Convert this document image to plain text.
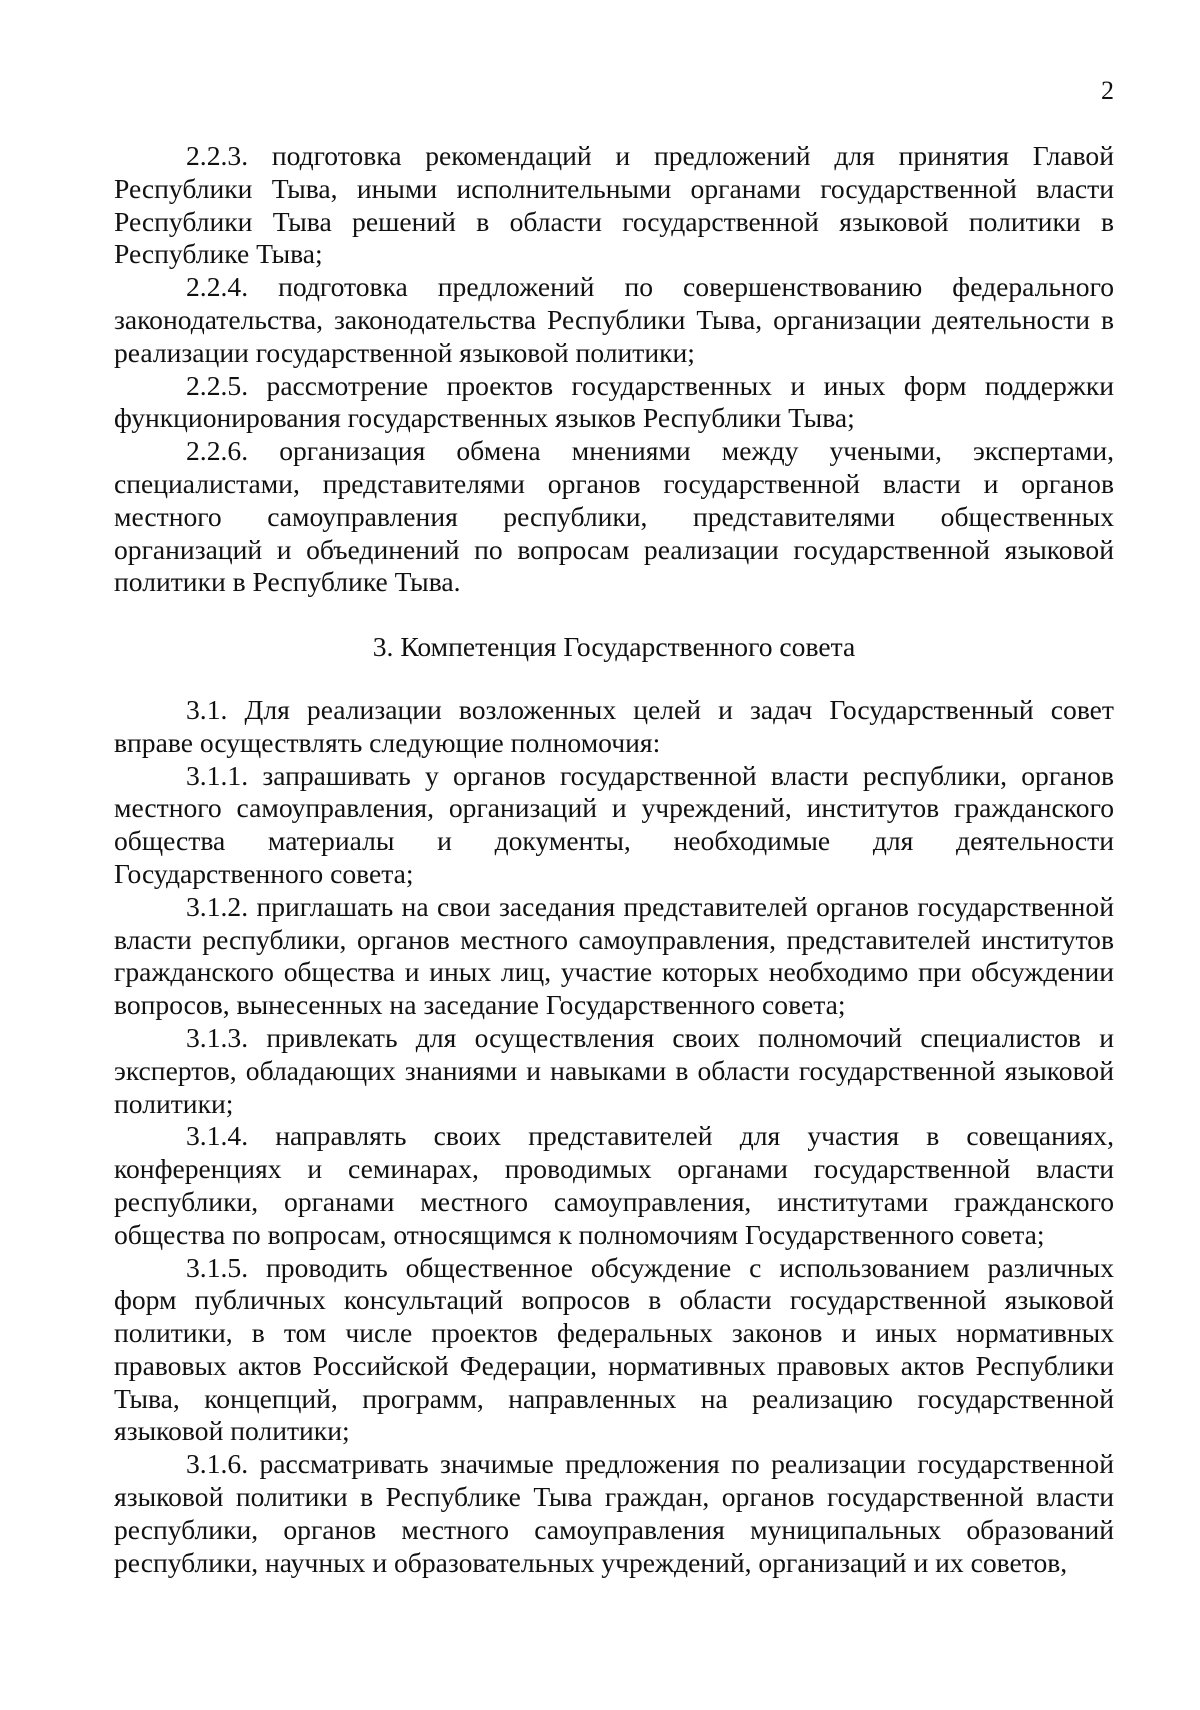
2

2.2.3. подготовка рекомендаций и предложений для принятия Главой Республики Тыва, иными исполнительными органами государственной власти Республики Тыва решений в области государственной языковой политики в Республике Тыва;

2.2.4. подготовка предложений по совершенствованию федерального законодательства, законодательства Республики Тыва, организации деятельности в реализации государственной языковой политики;

2.2.5. рассмотрение проектов государственных и иных форм поддержки функционирования государственных языков Республики Тыва;

2.2.6. организация обмена мнениями между учеными, экспертами, специалистами, представителями органов государственной власти и органов местного самоуправления республики, представителями общественных организаций и объединений по вопросам реализации государственной языковой политики в Республике Тыва.

3. Компетенция Государственного совета

3.1. Для реализации возложенных целей и задач Государственный совет вправе осуществлять следующие полномочия:

3.1.1. запрашивать у органов государственной власти республики, органов местного самоуправления, организаций и учреждений, институтов гражданского общества материалы и документы, необходимые для деятельности Государственного совета;

3.1.2. приглашать на свои заседания представителей органов государственной власти республики, органов местного самоуправления, представителей институтов гражданского общества и иных лиц, участие которых необходимо при обсуждении вопросов, вынесенных на заседание Государственного совета;

3.1.3. привлекать для осуществления своих полномочий специалистов и экспертов, обладающих знаниями и навыками в области государственной языковой политики;

3.1.4. направлять своих представителей для участия в совещаниях, конференциях и семинарах, проводимых органами государственной власти республики, органами местного самоуправления, институтами гражданского общества по вопросам, относящимся к полномочиям Государственного совета;

3.1.5. проводить общественное обсуждение с использованием различных форм публичных консультаций вопросов в области государственной языковой политики, в том числе проектов федеральных законов и иных нормативных правовых актов Российской Федерации, нормативных правовых актов Республики Тыва, концепций, программ, направленных на реализацию государственной языковой политики;

3.1.6. рассматривать значимые предложения по реализации государственной языковой политики в Республике Тыва граждан, органов государственной власти республики, органов местного самоуправления муниципальных образований республики, научных и образовательных учреждений, организаций и их советов,
